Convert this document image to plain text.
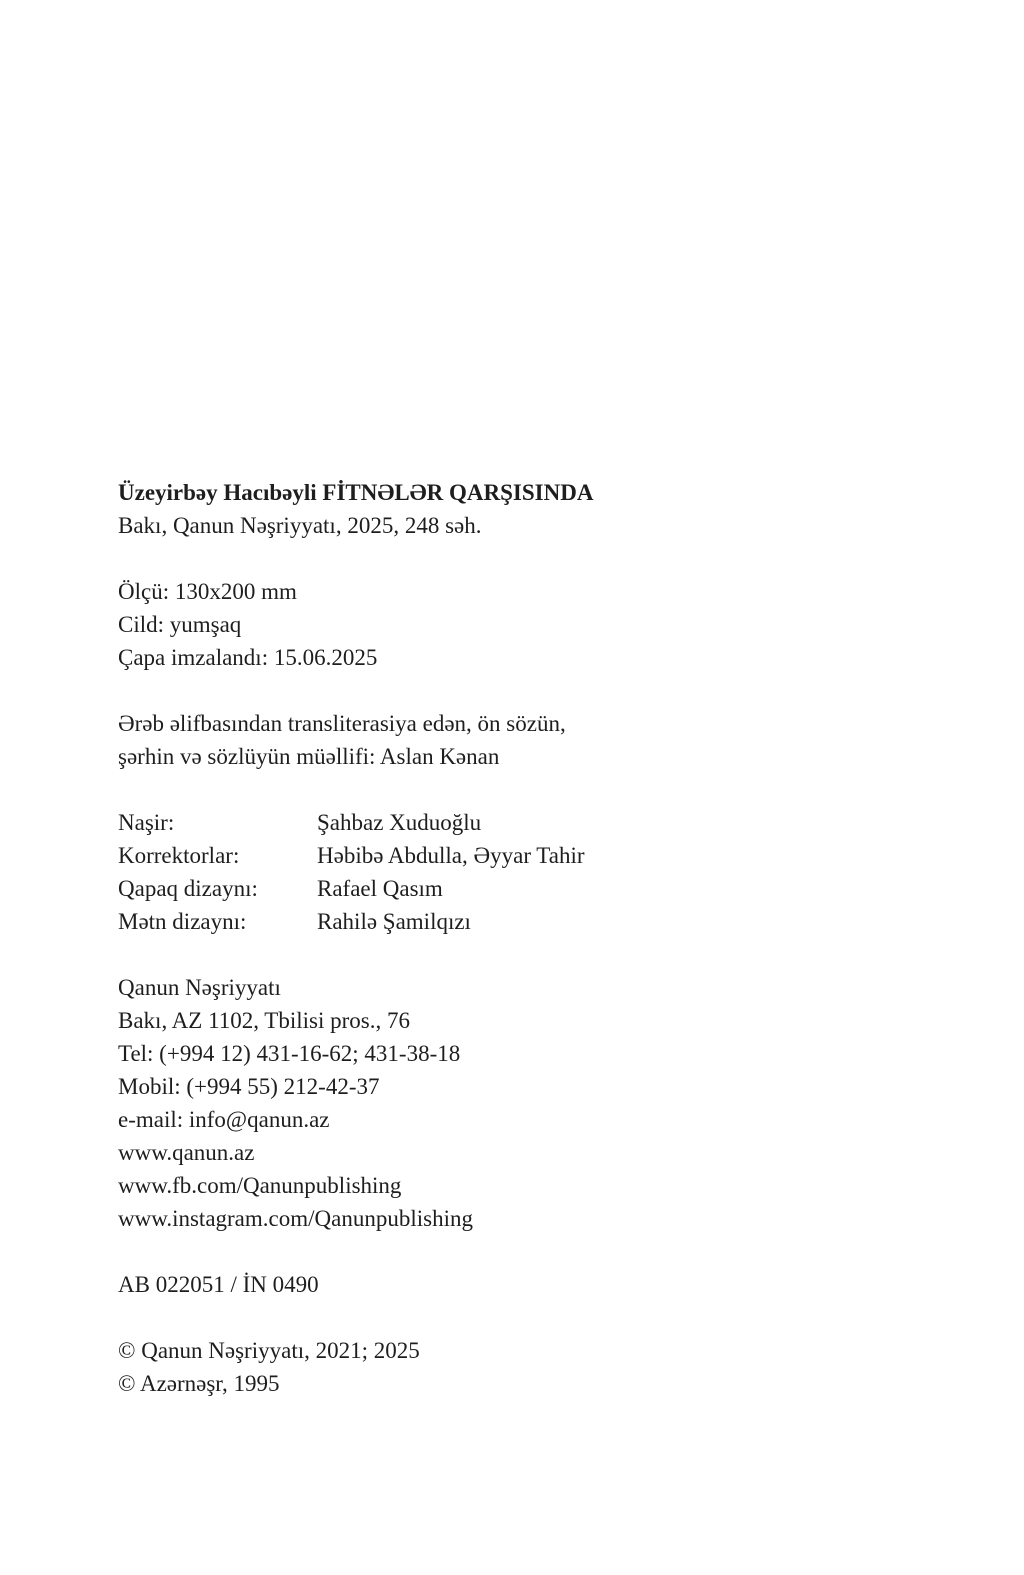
Üzeyirbəy Hacıbəyli FİTNƏLƏR QARŞISINDA

Bakı, Qanun Nəşriyyatı, 2025, 248 səh.

Ölçü: 130x200 mm

Cild: yumşaq

Çapa imzalandı: 15.06.2025

Ərəb əlifbasından transliterasiya edən, ön sözün,

şərhin və sözlüyün müəllifi: Aslan Kənan

Naşir:	Şahbaz Xuduoğlu
Korrektorlar:	Həbibə Abdulla, Əyyar Tahir
Qapaq dizaynı:	Rafael Qasım
Mətn dizaynı:	Rahilə Şamilqızı

Qanun Nəşriyyatı

Bakı, AZ 1102, Tbilisi pros., 76

Tel: (+994 12) 431-16-62; 431-38-18

Mobil: (+994 55) 212-42-37

e-mail: info@qanun.az

www.qanun.az

www.fb.com/Qanunpublishing

www.instagram.com/Qanunpublishing

AB 022051 / İN 0490

© Qanun Nəşriyyatı, 2021; 2025

© Azərnəşr, 1995
